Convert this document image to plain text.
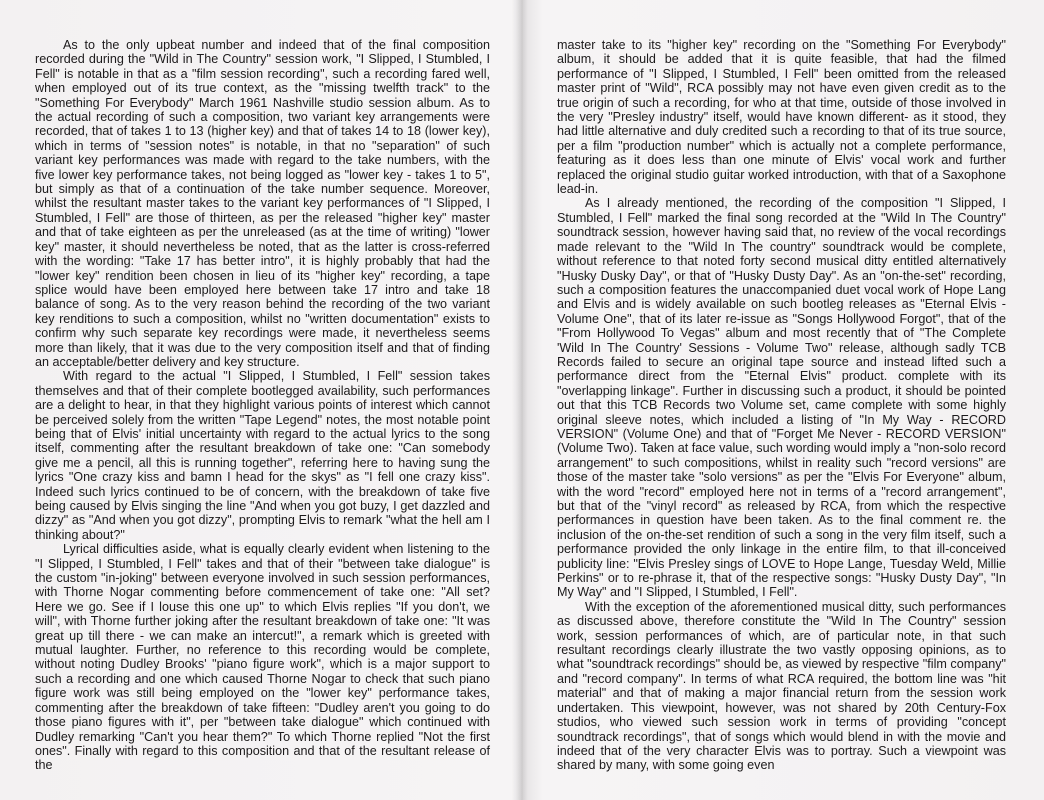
As to the only upbeat number and indeed that of the final composition recorded during the "Wild in The Country" session work, "I Slipped, I Stumbled, I Fell" is notable in that as a "film session recording", such a recording fared well, when employed out of its true context, as the "missing twelfth track" to the "Something For Everybody" March 1961 Nashville studio session album. As to the actual recording of such a composition, two variant key arrangements were recorded, that of takes 1 to 13 (higher key) and that of takes 14 to 18 (lower key), which in terms of "session notes" is notable, in that no "separation" of such variant key performances was made with regard to the take numbers, with the five lower key performance takes, not being logged as "lower key - takes 1 to 5", but simply as that of a continuation of the take number sequence. Moreover, whilst the resultant master takes to the variant key performances of "I Slipped, I Stumbled, I Fell" are those of thirteen, as per the released "higher key" master and that of take eighteen as per the unreleased (as at the time of writing) "lower key" master, it should nevertheless be noted, that as the latter is cross-referred with the wording: "Take 17 has better intro", it is highly probably that had the "lower key" rendition been chosen in lieu of its "higher key" recording, a tape splice would have been employed here between take 17 intro and take 18 balance of song. As to the very reason behind the recording of the two variant key renditions to such a composition, whilst no "written documentation" exists to confirm why such separate key recordings were made, it nevertheless seems more than likely, that it was due to the very composition itself and that of finding an acceptable/better delivery and key structure.

With regard to the actual "I Slipped, I Stumbled, I Fell" session takes themselves and that of their complete bootlegged availability, such performances are a delight to hear, in that they highlight various points of interest which cannot be perceived solely from the written "Tape Legend" notes, the most notable point being that of Elvis' initial uncertainty with regard to the actual lyrics to the song itself, commenting after the resultant breakdown of take one: "Can somebody give me a pencil, all this is running together", referring here to having sung the lyrics "One crazy kiss and bamn I head for the skys" as "I fell one crazy kiss". Indeed such lyrics continued to be of concern, with the breakdown of take five being caused by Elvis singing the line "And when you got buzy, I get dazzled and dizzy" as "And when you got dizzy", prompting Elvis to remark "what the hell am I thinking about?"

Lyrical difficulties aside, what is equally clearly evident when listening to the "I Slipped, I Stumbled, I Fell" takes and that of their "between take dialogue" is the custom "in-joking" between everyone involved in such session performances, with Thorne Nogar commenting before commencement of take one: "All set? Here we go. See if I louse this one up" to which Elvis replies "If you don't, we will", with Thorne further joking after the resultant breakdown of take one: "It was great up till there - we can make an intercut!", a remark which is greeted with mutual laughter. Further, no reference to this recording would be complete, without noting Dudley Brooks' "piano figure work", which is a major support to such a recording and one which caused Thorne Nogar to check that such piano figure work was still being employed on the "lower key" performance takes, commenting after the breakdown of take fifteen: "Dudley aren't you going to do those piano figures with it", per "between take dialogue" which continued with Dudley remarking "Can't you hear them?" To which Thorne replied "Not the first ones". Finally with regard to this composition and that of the resultant release of the

master take to its "higher key" recording on the "Something For Everybody" album, it should be added that it is quite feasible, that had the filmed performance of "I Slipped, I Stumbled, I Fell" been omitted from the released master print of "Wild", RCA possibly may not have even given credit as to the true origin of such a recording, for who at that time, outside of those involved in the very "Presley industry" itself, would have known different- as it stood, they had little alternative and duly credited such a recording to that of its true source, per a film "production number" which is actually not a complete performance, featuring as it does less than one minute of Elvis' vocal work and further replaced the original studio guitar worked introduction, with that of a Saxophone lead-in.

As I already mentioned, the recording of the composition "I Slipped, I Stumbled, I Fell" marked the final song recorded at the "Wild In The Country" soundtrack session, however having said that, no review of the vocal recordings made relevant to the "Wild In The country" soundtrack would be complete, without reference to that noted forty second musical ditty entitled alternatively "Husky Dusky Day", or that of "Husky Dusty Day". As an "on-the-set" recording, such a composition features the unaccompanied duet vocal work of Hope Lang and Elvis and is widely available on such bootleg releases as "Eternal Elvis - Volume One", that of its later re-issue as "Songs Hollywood Forgot", that of the "From Hollywood To Vegas" album and most recently that of "The Complete 'Wild In The Country' Sessions - Volume Two" release, although sadly TCB Records failed to secure an original tape source and instead lifted such a performance direct from the "Eternal Elvis" product. complete with its "overlapping linkage". Further in discussing such a product, it should be pointed out that this TCB Records two Volume set, came complete with some highly original sleeve notes, which included a listing of "In My Way - RECORD VERSION" (Volume One) and that of "Forget Me Never - RECORD VERSION" (Volume Two). Taken at face value, such wording would imply a "non-solo record arrangement" to such compositions, whilst in reality such "record versions" are those of the master take "solo versions" as per the "Elvis For Everyone" album, with the word "record" employed here not in terms of a "record arrangement", but that of the "vinyl record" as released by RCA, from which the respective performances in question have been taken. As to the final comment re. the inclusion of the on-the-set rendition of such a song in the very film itself, such a performance provided the only linkage in the entire film, to that ill-conceived publicity line: "Elvis Presley sings of LOVE to Hope Lange, Tuesday Weld, Millie Perkins" or to re-phrase it, that of the respective songs: "Husky Dusty Day", "In My Way" and "I Slipped, I Stumbled, I Fell".

With the exception of the aforementioned musical ditty, such performances as discussed above, therefore constitute the "Wild In The Country" session work, session performances of which, are of particular note, in that such resultant recordings clearly illustrate the two vastly opposing opinions, as to what "soundtrack recordings" should be, as viewed by respective "film company" and "record company". In terms of what RCA required, the bottom line was "hit material" and that of making a major financial return from the session work undertaken. This viewpoint, however, was not shared by 20th Century-Fox studios, who viewed such session work in terms of providing "concept soundtrack recordings", that of songs which would blend in with the movie and indeed that of the very character Elvis was to portray. Such a viewpoint was shared by many, with some going even
